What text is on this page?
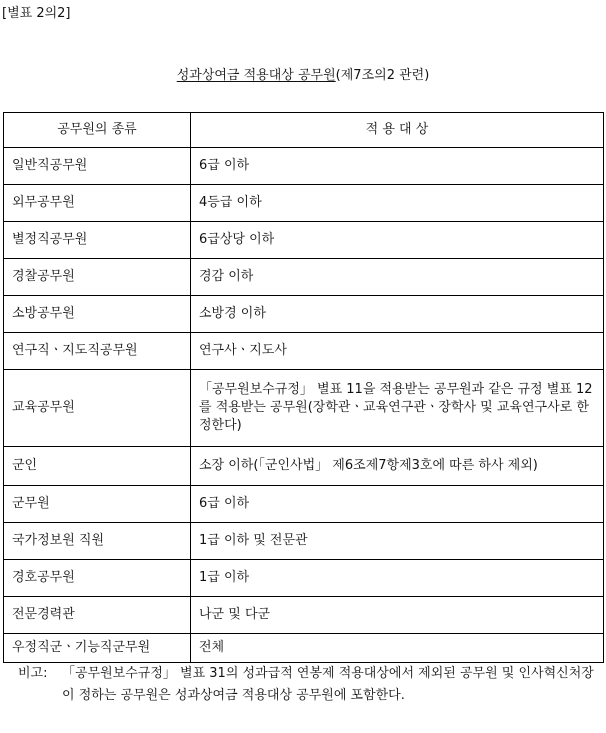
[별표 2의2]
성과상여금 적용대상 공무원(제7조의2 관련)
공무원의 종류	적 용 대 상
일반직공무원	6급 이하
외무공무원	4등급 이하
별정직공무원	6급상당 이하
경찰공무원	경감 이하
소방공무원	소방경 이하
연구직ㆍ지도직공무원	연구사ㆍ지도사
교육공무원	「공무원보수규정」 별표 11을 적용받는 공무원과 같은 규정 별표 12를 적용받는 공무원(장학관ㆍ교육연구관ㆍ장학사 및 교육연구사로 한정한다)
군인	소장 이하(「군인사법」 제6조제7항제3호에 따른 하사 제외)
군무원	6급 이하
국가정보원 직원	1급 이하 및 전문관
경호공무원	1급 이하
전문경력관	나군 및 다군
우정직군ㆍ기능직군무원	전체
비고:	「공무원보수규정」 별표 31의 성과급적 연봉제 적용대상에서 제외된 공무원 및 인사혁신처장이 정하는 공무원은 성과상여금 적용대상 공무원에 포함한다.
